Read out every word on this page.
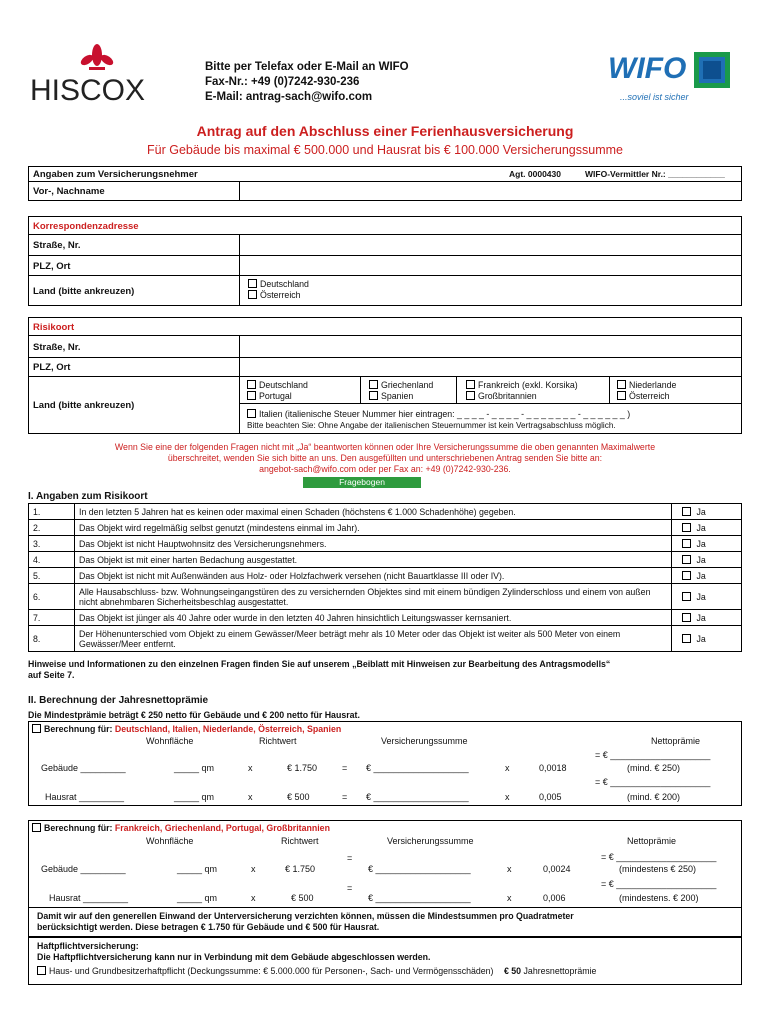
HISCOX
Bitte per Telefax oder E-Mail an WIFO
Fax-Nr.: +49 (0)7242-930-236
E-Mail: antrag-sach@wifo.com
WIFO
...soviel ist sicher
Antrag auf den Abschluss einer Ferienhausversicherung
Für Gebäude bis maximal € 500.000 und Hausrat bis € 100.000 Versicherungssumme
Angaben zum Versicherungsnehmer	Agt. 0000430	WIFO-Vermittler Nr.: ____________
Vor-, Nachname
Korrespondenzadresse
Straße, Nr.
PLZ, Ort
Land (bitte ankreuzen)
Deutschland
Österreich
Risikoort
Straße, Nr.
PLZ, Ort
Land (bitte ankreuzen)
Deutschland
Portugal
Griechenland
Spanien
Frankreich (exkl. Korsika)
Großbritannien
Niederlande
Österreich
Italien (italienische Steuer Nummer hier eintragen: _ _ _ _ - _ _ _ _ - _ _ _ _ _ _ _ - _ _ _ _ _ _ )
Bitte beachten Sie: Ohne Angabe der italienischen Steuernummer ist kein Vertragsabschluss möglich.
Wenn Sie eine der folgenden Fragen nicht mit „Ja“ beantworten können oder Ihre Versicherungssumme die oben genannten Maximalwerte
überschreitet, wenden Sie sich bitte an uns. Den ausgefüllten und unterschriebenen Antrag senden Sie bitte an:
angebot-sach@wifo.com oder per Fax an: +49 (0)7242-930-236.
Fragebogen
I. Angaben zum Risikoort
1.	In den letzten 5 Jahren hat es keinen oder maximal einen Schaden (höchstens € 1.000 Schadenhöhe) gegeben.	Ja
2.	Das Objekt wird regelmäßig selbst genutzt (mindestens einmal im Jahr).	Ja
3.	Das Objekt ist nicht Hauptwohnsitz des Versicherungsnehmers.	Ja
4.	Das Objekt ist mit einer harten Bedachung ausgestattet.	Ja
5.	Das Objekt ist nicht mit Außenwänden aus Holz- oder Holzfachwerk versehen (nicht Bauartklasse III oder IV).	Ja
6.	Alle Hausabschluss- bzw. Wohnungseingangstüren des zu versichernden Objektes sind mit einem bündigen Zylinderschloss und einem von außen nicht abnehmbaren Sicherheitsbeschlag ausgestattet.	Ja
7.	Das Objekt ist jünger als 40 Jahre oder wurde in den letzten 40 Jahren hinsichtlich Leitungswasser kernsaniert.	Ja
8.	Der Höhenunterschied vom Objekt zu einem Gewässer/Meer beträgt mehr als 10 Meter oder das Objekt ist weiter als 500 Meter von einem Gewässer/Meer entfernt.	Ja
Hinweise und Informationen zu den einzelnen Fragen finden Sie auf unserem „Beiblatt mit Hinweisen zur Bearbeitung des Antragsmodells“
auf Seite 7.
II. Berechnung der Jahresnettoprämie
Die Mindestprämie beträgt € 250 netto für Gebäude und € 200 netto für Hausrat.
Berechnung für: Deutschland, Italien, Niederlande, Österreich, Spanien
Wohnfläche	Richtwert	Versicherungssumme	Nettoprämie
= € ____________________
Gebäude _________	_____ qm	x	€ 1.750	= € ___________________	x	0,0018	(mind. € 250)
= € ____________________
Hausrat _________	_____ qm	x	€ 500	= € ___________________	x	0,005	(mind. € 200)
Berechnung für: Frankreich, Griechenland, Portugal, Großbritannien
Wohnfläche	Richtwert	Versicherungssumme	Nettoprämie
=	= € ____________________
Gebäude _________	_____ qm	x	€ 1.750	€ ___________________	x	0,0024	(mindestens € 250)
=	= € ____________________
Hausrat _________	_____ qm	x	€ 500	€ ___________________	x	0,006	(mindestens. € 200)
Damit wir auf den generellen Einwand der Unterversicherung verzichten können, müssen die Mindestsummen pro Quadratmeter
berücksichtigt werden. Diese betragen € 1.750 für Gebäude und € 500 für Hausrat.
Haftpflichtversicherung:
Die Haftpflichtversicherung kann nur in Verbindung mit dem Gebäude abgeschlossen werden.
Haus- und Grundbesitzerhaftpflicht (Deckungssumme: € 5.000.000 für Personen-, Sach- und Vermögensschäden) € 50 Jahresnettoprämie
